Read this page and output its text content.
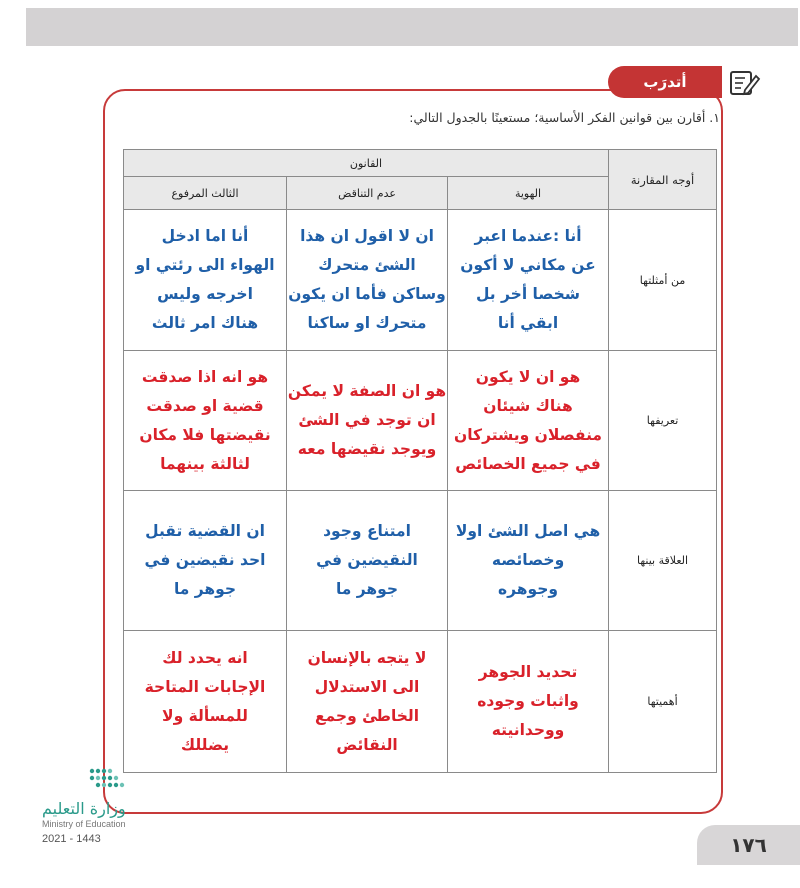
أتدرَب
١. أقارن بين قوانين الفكر الأساسية؛ مستعينًا بالجدول التالي:
أوجه المقارنة	القانون		
	الهوية	عدم التناقض	الثالث المرفوع
من أمثلتها	أنا :عندما اعبر
عن مكاني لا أكون
شخصا أخر بل
ابقي أنا	ان لا اقول ان هذا
الشئ متحرك
وساكن فأما ان يكون
متحرك او ساكنا	أنا اما ادخل
الهواء الى رئتي او
اخرجه وليس
هناك امر ثالث
تعريفها	هو ان لا يكون
هناك شيئان
منفصلان ويشتركان
في جميع الخصائص	هو ان الصفة لا يمكن
ان توجد في الشئ
ويوجد نقيضها معه	هو انه اذا صدقت
قضية او صدقت
نقيضتها فلا مكان
لثالثة بينهما
العلاقة بينها	هي اصل الشئ اولا
وخصائصه
وجوهره	امتناع وجود
النقيضين في
جوهر ما	ان القضية تقبل
احد نقيضين في
جوهر ما
أهميتها	تحديد الجوهر
واثبات وجوده
ووحدانيته	لا يتجه بالإنسان
الى الاستدلال
الخاطئ وجمع
النقائض	انه يحدد لك
الإجابات المتاحة
للمسألة ولا
يضللك
وزارة التعليم
Ministry of Education
2021 - 1443	١٧٦
